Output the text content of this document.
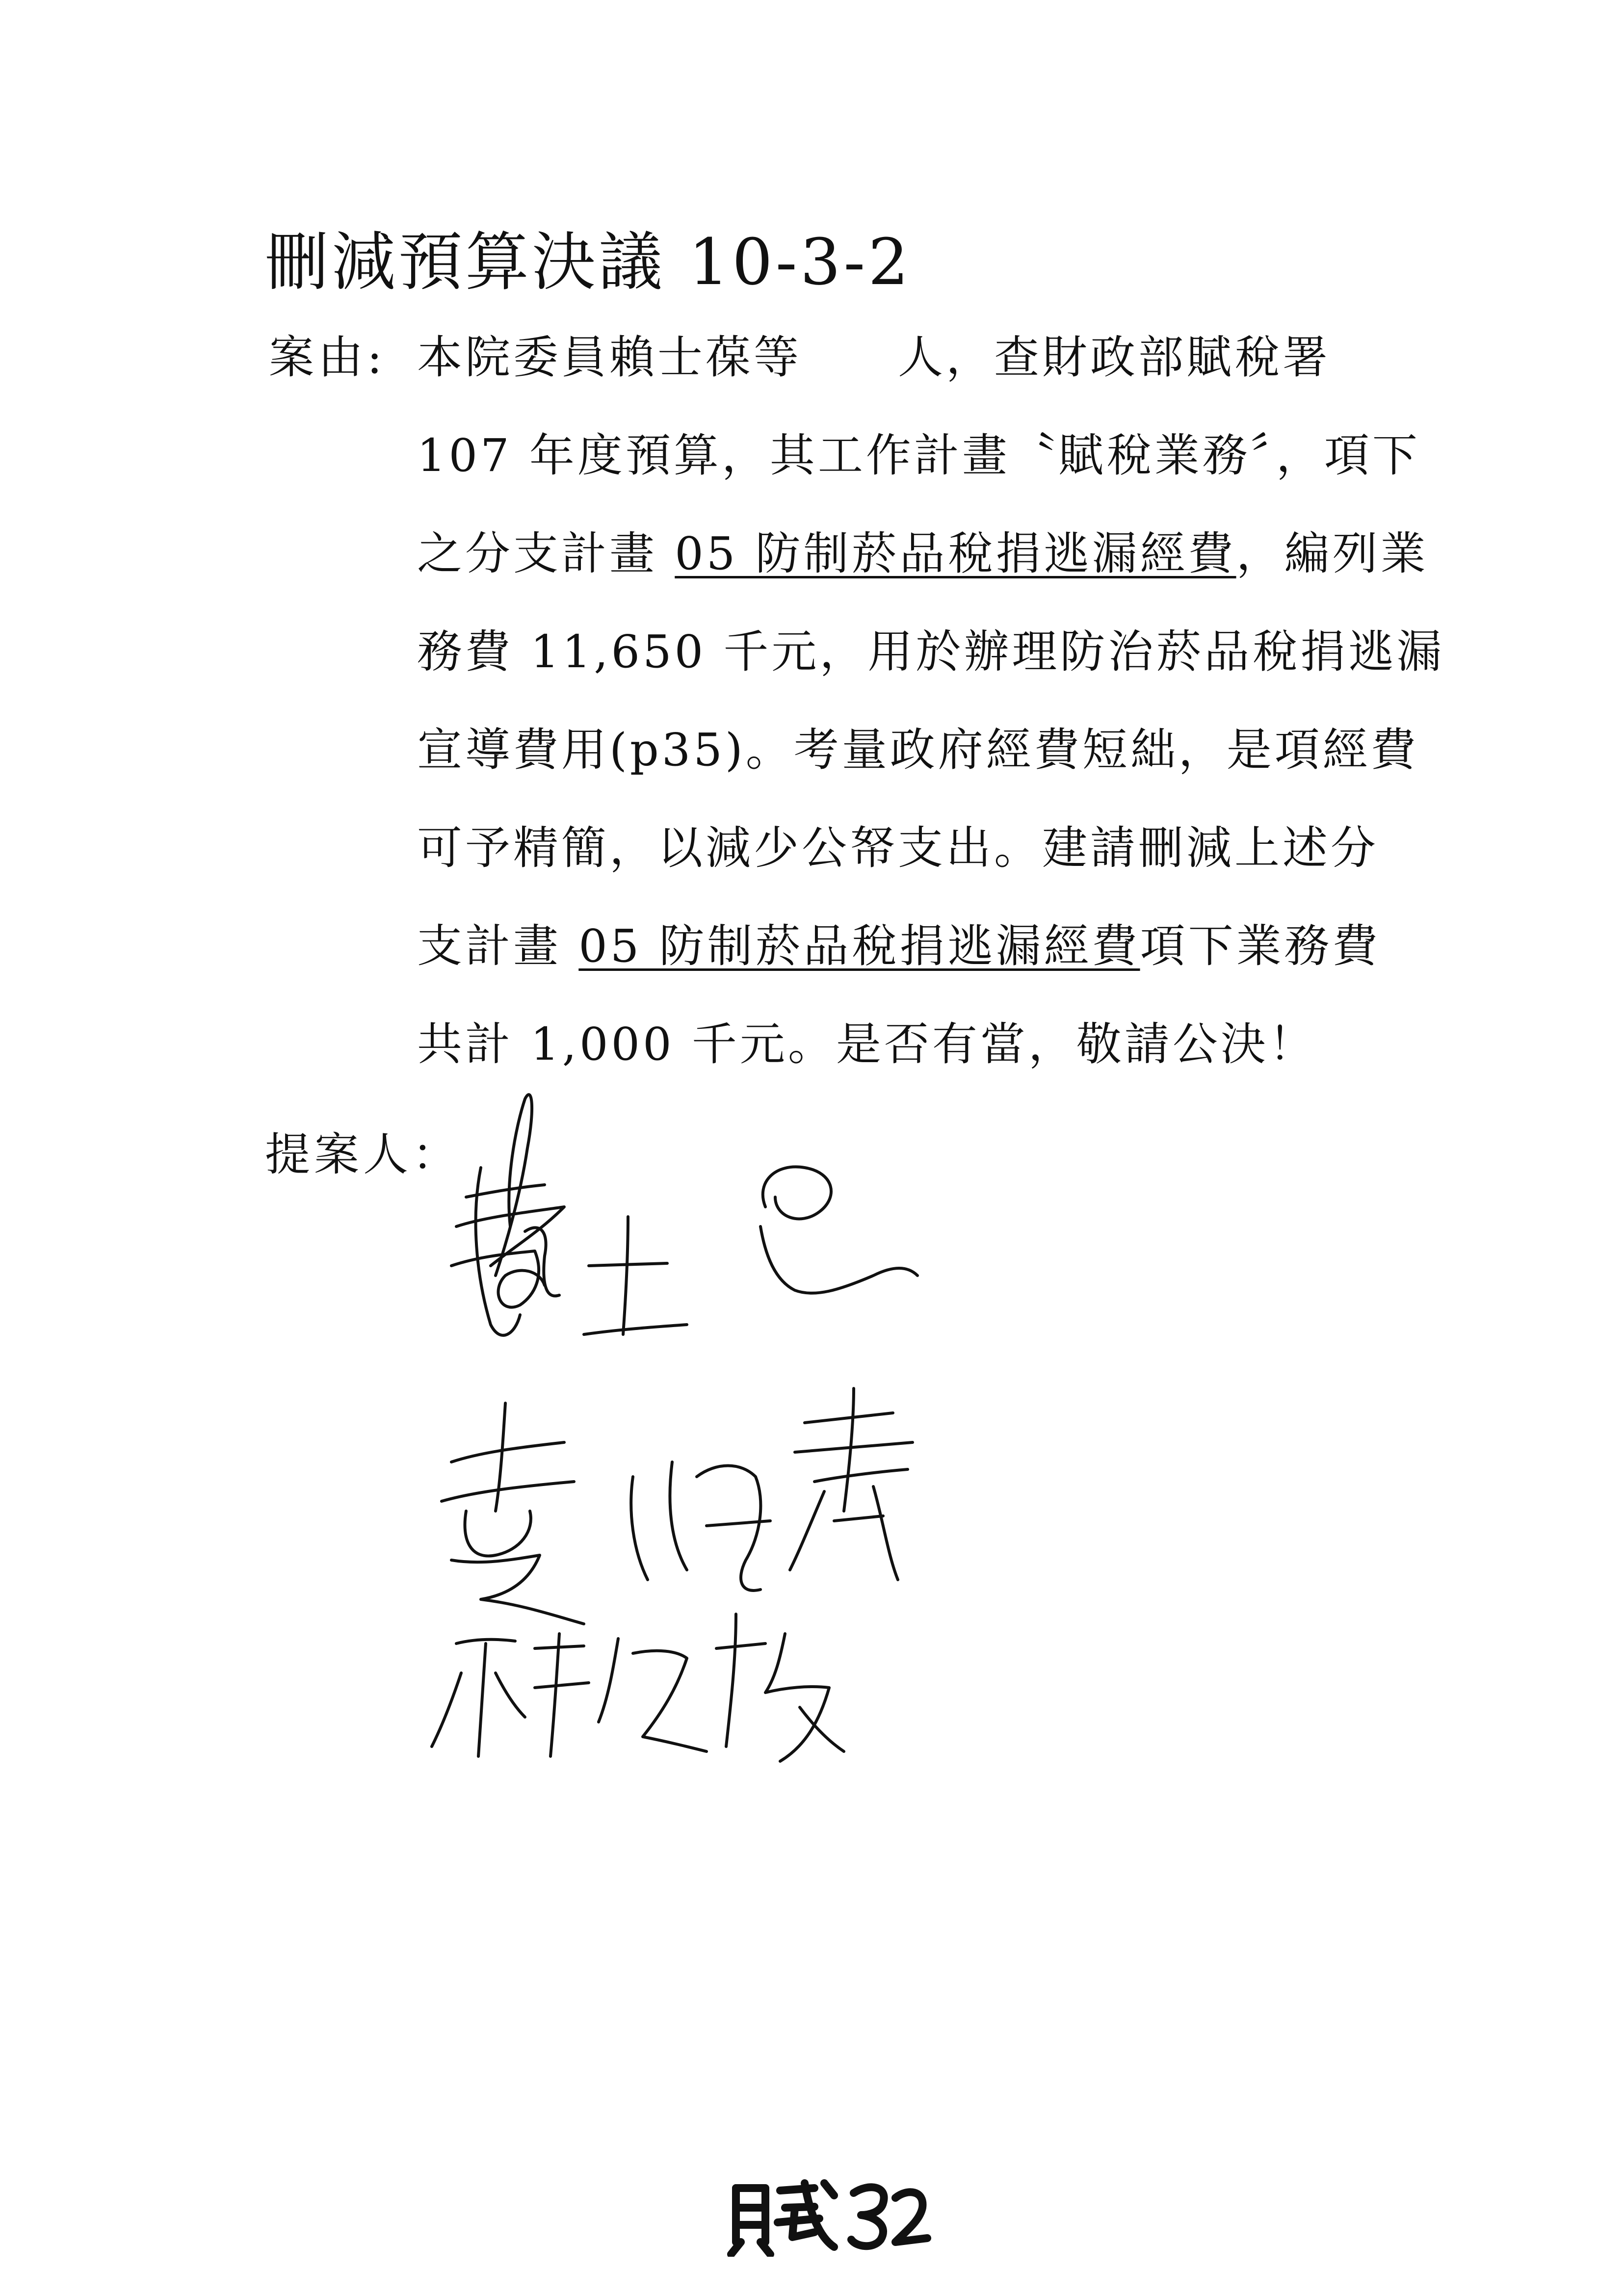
刪減預算決議 10-3-2
案由: 本院委員賴士葆等　　人，查財政部賦稅署
107 年度預算，其工作計畫〝賦稅業務〞，項下
之分支計畫 05 防制菸品稅捐逃漏經費，編列業
務費 11,650 千元，用於辦理防治菸品稅捐逃漏
宣導費用(p35)。考量政府經費短絀，是項經費
可予精簡，以減少公帑支出。建請刪減上述分
支計畫 05 防制菸品稅捐逃漏經費項下業務費
共計 1,000 千元。是否有當，敬請公決！
提案人：
